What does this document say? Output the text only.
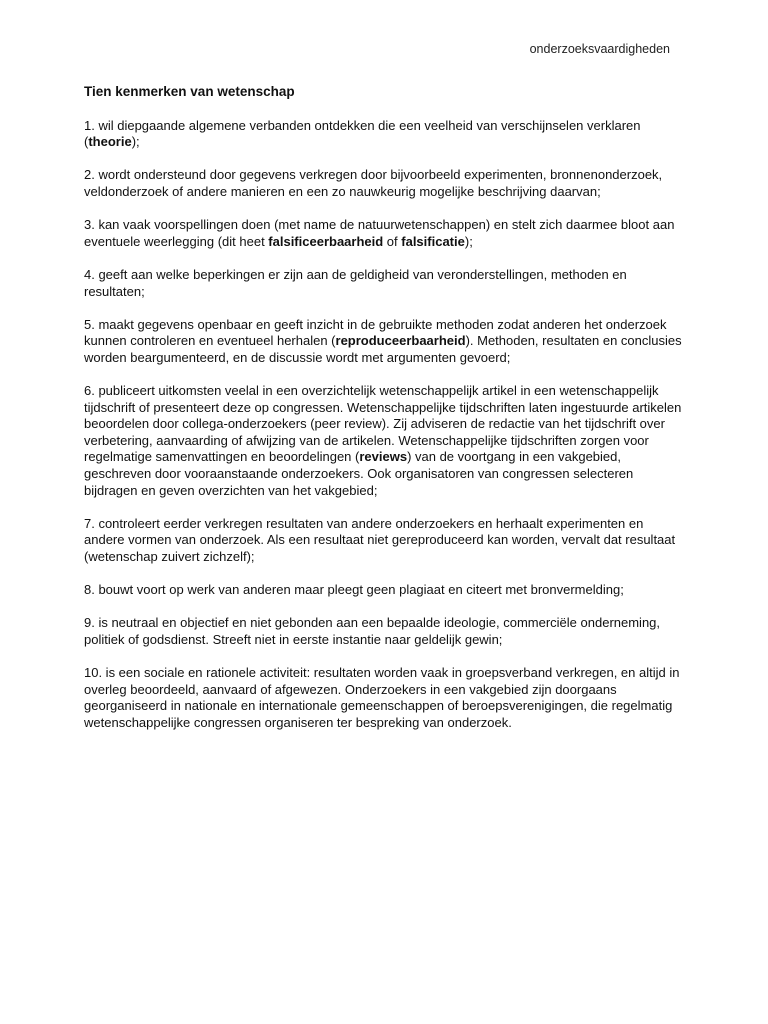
onderzoeksvaardigheden
Tien kenmerken van wetenschap

1. wil diepgaande algemene verbanden ontdekken die een veelheid van verschijnselen verklaren (theorie);

2. wordt ondersteund door gegevens verkregen door bijvoorbeeld experimenten, bronnenonderzoek, veldonderzoek of andere manieren en een zo nauwkeurig mogelijke beschrijving daarvan;

3. kan vaak voorspellingen doen (met name de natuurwetenschappen) en stelt zich daarmee bloot aan eventuele weerlegging (dit heet falsificeerbaarheid of falsificatie);

4. geeft aan welke beperkingen er zijn aan de geldigheid van veronderstellingen, methoden en resultaten;

5. maakt gegevens openbaar en geeft inzicht in de gebruikte methoden zodat anderen het onderzoek kunnen controleren en eventueel herhalen (reproduceerbaarheid). Methoden, resultaten en conclusies worden beargumenteerd, en de discussie wordt met argumenten gevoerd;

6. publiceert uitkomsten veelal in een overzichtelijk wetenschappelijk artikel in een wetenschappelijk tijdschrift of presenteert deze op congressen. Wetenschappelijke tijdschriften laten ingestuurde artikelen beoordelen door collega-onderzoekers (peer review). Zij adviseren de redactie van het tijdschrift over verbetering, aanvaarding of afwijzing van de artikelen. Wetenschappelijke tijdschriften zorgen voor regelmatige samenvattingen en beoordelingen (reviews) van de voortgang in een vakgebied, geschreven door vooraanstaande onderzoekers. Ook organisatoren van congressen selecteren bijdragen en geven overzichten van het vakgebied;

7. controleert eerder verkregen resultaten van andere onderzoekers en herhaalt experimenten en andere vormen van onderzoek. Als een resultaat niet gereproduceerd kan worden, vervalt dat resultaat (wetenschap zuivert zichzelf);

8. bouwt voort op werk van anderen maar pleegt geen plagiaat en citeert met bronvermelding;

9. is neutraal en objectief en niet gebonden aan een bepaalde ideologie, commerciële onderneming, politiek of godsdienst. Streeft niet in eerste instantie naar geldelijk gewin;

10. is een sociale en rationele activiteit: resultaten worden vaak in groepsverband verkregen, en altijd in overleg beoordeeld, aanvaard of afgewezen. Onderzoekers in een vakgebied zijn doorgaans georganiseerd in nationale en internationale gemeenschappen of beroepsverenigingen, die regelmatig wetenschappelijke congressen organiseren ter bespreking van onderzoek.
